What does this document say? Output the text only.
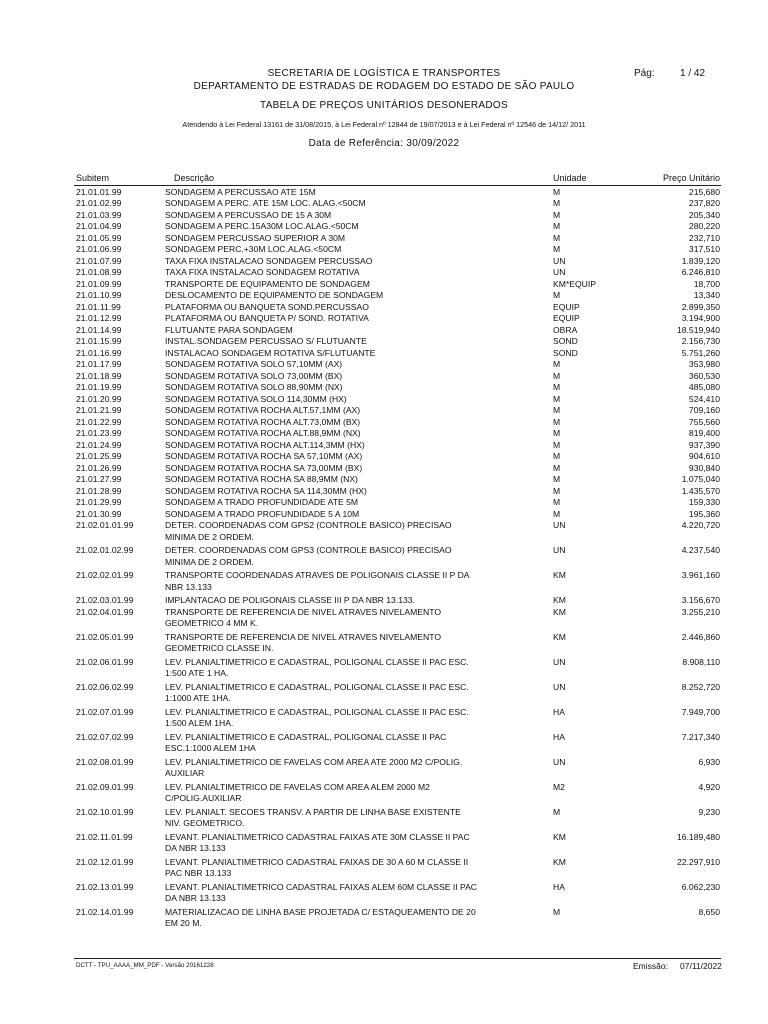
SECRETARIA DE LOGÍSTICA E TRANSPORTES
DEPARTAMENTO DE ESTRADAS DE RODAGEM DO ESTADO DE SÃO PAULO
TABELA DE PREÇOS UNITÁRIOS DESONERADOS
Atendendo à Lei Federal 13161 de 31/08/2015, à Lei Federal nº 12844 de 19/07/2013 e à Lei Federal nº 12546 de 14/12/ 2011
Data de Referência: 30/09/2022
Pág:	1 / 42
Subitem	Descrição	Unidade	Preço Unitário
21.01.01.99	SONDAGEM A PERCUSSAO ATE 15M	M	215,680
21.01.02.99	SONDAGEM A PERC. ATE 15M LOC. ALAG.<50CM	M	237,820
21.01.03.99	SONDAGEM A PERCUSSAO DE 15 A 30M	M	205,340
21.01.04.99	SONDAGEM A PERC.15A30M LOC.ALAG.<50CM	M	280,220
21.01.05.99	SONDAGEM PERCUSSAO SUPERIOR A 30M	M	232,710
21.01.06.99	SONDAGEM PERC.+30M LOC.ALAG.<50CM	M	317,510
21.01.07.99	TAXA FIXA INSTALACAO SONDAGEM PERCUSSAO	UN	1.839,120
21.01.08.99	TAXA FIXA INSTALACAO SONDAGEM ROTATIVA	UN	6.246,810
21.01.09.99	TRANSPORTE DE EQUIPAMENTO DE SONDAGEM	KM*EQUIP	18,700
21.01.10.99	DESLOCAMENTO DE EQUIPAMENTO DE SONDAGEM	M	13,340
21.01.11.99	PLATAFORMA OU BANQUETA SOND.PERCUSSAO	EQUIP	2.899,350
21.01.12.99	PLATAFORMA OU BANQUETA P/ SOND. ROTATIVA	EQUIP	3.194,900
21.01.14.99	FLUTUANTE PARA SONDAGEM	OBRA	18.519,940
21.01.15.99	INSTAL.SONDAGEM PERCUSSAO S/ FLUTUANTE	SOND	2.156,730
21.01.16.99	INSTALACAO SONDAGEM ROTATIVA S/FLUTUANTE	SOND	5.751,260
21.01.17.99	SONDAGEM ROTATIVA SOLO 57,10MM (AX)	M	353,980
21.01.18.99	SONDAGEM ROTATIVA SOLO 73,00MM (BX)	M	360,530
21.01.19.99	SONDAGEM ROTATIVA SOLO 88,90MM (NX)	M	485,080
21.01.20.99	SONDAGEM ROTATIVA SOLO 114,30MM (HX)	M	524,410
21.01.21.99	SONDAGEM ROTATIVA ROCHA ALT.57,1MM (AX)	M	709,160
21.01.22.99	SONDAGEM ROTATIVA ROCHA ALT.73,0MM (BX)	M	755,560
21.01.23.99	SONDAGEM ROTATIVA ROCHA ALT.88,9MM (NX)	M	819,400
21.01.24.99	SONDAGEM ROTATIVA ROCHA ALT.114,3MM (HX)	M	937,390
21.01.25.99	SONDAGEM ROTATIVA ROCHA SA 57,10MM (AX)	M	904,610
21.01.26.99	SONDAGEM ROTATIVA ROCHA SA 73,00MM (BX)	M	930,840
21.01.27.99	SONDAGEM ROTATIVA ROCHA SA 88,9MM (NX)	M	1.075,040
21.01.28.99	SONDAGEM ROTATIVA ROCHA SA 114,30MM (HX)	M	1.435,570
21.01.29.99	SONDAGEM A TRADO PROFUNDIDADE ATE 5M	M	159,330
21.01.30.99	SONDAGEM A TRADO PROFUNDIDADE 5 A 10M	M	195,360
21.02.01.01.99	DETER. COORDENADAS COM GPS2 (CONTROLE BASICO) PRECISAO
MINIMA DE 2 ORDEM.
UN	4.220,720
21.02.01.02.99	DETER. COORDENADAS COM GPS3 (CONTROLE BASICO) PRECISAO
MINIMA DE 2 ORDEM.
UN	4.237,540
21.02.02.01.99	TRANSPORTE COORDENADAS ATRAVES DE POLIGONAIS CLASSE II P DA
NBR 13.133
KM	3.961,160
21.02.03.01.99	IMPLANTACAO DE POLIGONAIS CLASSE III P DA NBR 13.133.	KM	3.156,670
21.02.04.01.99	TRANSPORTE DE REFERENCIA DE NIVEL ATRAVES NIVELAMENTO
GEOMETRICO 4 MM K.
KM	3.255,210
21.02.05.01.99	TRANSPORTE DE REFERENCIA DE NIVEL ATRAVES NIVELAMENTO
GEOMETRICO CLASSE IN.
KM	2.446,860
21.02.06.01.99	LEV. PLANIALTIMETRICO E CADASTRAL, POLIGONAL CLASSE II PAC ESC.
1:500 ATE 1 HA.
UN	8.908,110
21.02.06.02.99	LEV. PLANIALTIMETRICO E CADASTRAL, POLIGONAL CLASSE II PAC ESC.
1:1000 ATE 1HA.
UN	8.252,720
21.02.07.01.99	LEV. PLANIALTIMETRICO E CADASTRAL, POLIGONAL CLASSE II PAC ESC.
1:500 ALEM 1HA.
HA	7.949,700
21.02.07.02.99	LEV. PLANIALTIMETRICO E CADASTRAL, POLIGONAL CLASSE II PAC
ESC.1:1000 ALEM 1HA
HA	7.217,340
21.02.08.01.99	LEV. PLANIALTIMETRICO DE FAVELAS COM AREA ATE 2000 M2 C/POLIG.
AUXILIAR
UN	6,930
21.02.09.01.99	LEV. PLANIALTIMETRICO DE FAVELAS COM AREA ALEM 2000 M2
C/POLIG.AUXILIAR
M2	4,920
21.02.10.01.99	LEV. PLANIALT. SECOES TRANSV. A PARTIR DE LINHA BASE EXISTENTE
NIV. GEOMETRICO.
M	9,230
21.02.11.01.99	LEVANT. PLANIALTIMETRICO CADASTRAL FAIXAS ATE 30M CLASSE II PAC
DA NBR 13.133
KM	16.189,480
21.02.12.01.99	LEVANT. PLANIALTIMETRICO CADASTRAL FAIXAS DE 30 A 60 M CLASSE II
PAC NBR 13.133
KM	22.297,910
21.02.13.01.99	LEVANT. PLANIALTIMETRICO CADASTRAL FAIXAS ALEM 60M CLASSE II PAC
DA NBR 13.133
HA	6.062,230
21.02.14.01.99	MATERIALIZACAO DE LINHA BASE PROJETADA C/ ESTAQUEAMENTO DE 20
EM 20 M.
M	8,650
DCTT - TPU_AAAA_MM_PDF - Versão 20161228	Emissão: 07/11/2022
